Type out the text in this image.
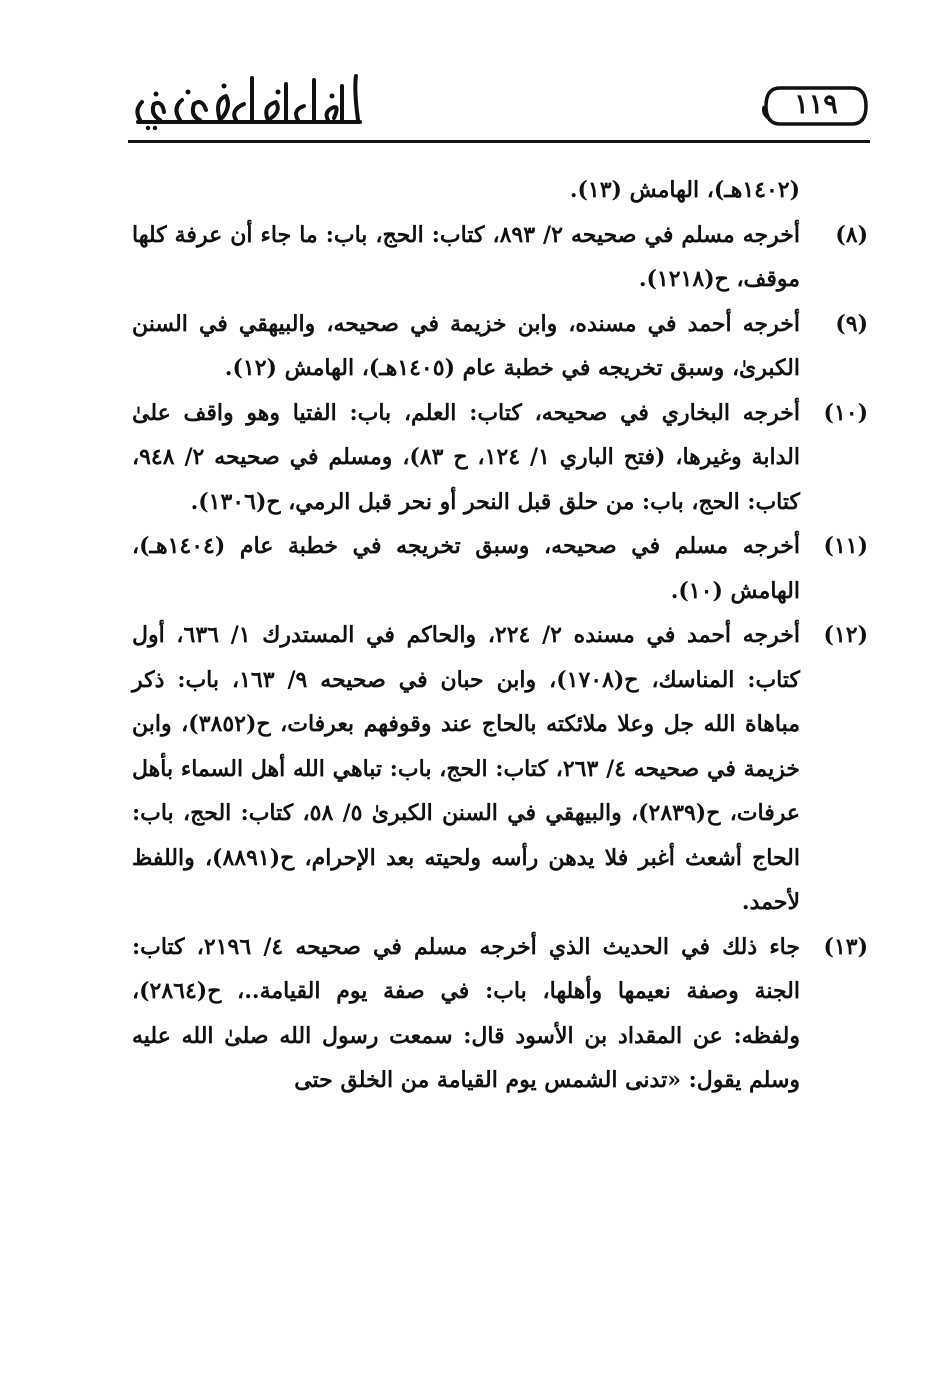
١١٩
(١٤٠٢هـ)، الهامش (١٣).
(٨)
أخرجه مسلم في صحيحه ٢/ ٨٩٣، كتاب: الحج، باب: ما جاء أن عرفة كلها موقف، ح(١٢١٨).
(٩)
أخرجه أحمد في مسنده، وابن خزيمة في صحيحه، والبيهقي في السنن الكبرىٰ، وسبق تخريجه في خطبة عام (١٤٠٥هـ)، الهامش (١٢).
(١٠)
أخرجه البخاري في صحيحه، كتاب: العلم، باب: الفتيا وهو واقف علىٰ الدابة وغيرها، (فتح الباري ١/ ١٢٤، ح ٨٣)، ومسلم في صحيحه ٢/ ٩٤٨، كتاب: الحج، باب: من حلق قبل النحر أو نحر قبل الرمي، ح(١٣٠٦).
(١١)
أخرجه مسلم في صحيحه، وسبق تخريجه في خطبة عام (١٤٠٤هـ)، الهامش (١٠).
(١٢)
أخرجه أحمد في مسنده ٢/ ٢٢٤، والحاكم في المستدرك ١/ ٦٣٦، أول كتاب: المناسك، ح(١٧٠٨)، وابن حبان في صحيحه ٩/ ١٦٣، باب: ذكر مباهاة الله جل وعلا ملائكته بالحاج عند وقوفهم بعرفات، ح(٣٨٥٢)، وابن خزيمة في صحيحه ٤/ ٢٦٣، كتاب: الحج، باب: تباهي الله أهل السماء بأهل عرفات، ح(٢٨٣٩)، والبيهقي في السنن الكبرىٰ ٥/ ٥٨، كتاب: الحج، باب: الحاج أشعث أغبر فلا يدهن رأسه ولحيته بعد الإحرام، ح(٨٨٩١)، واللفظ لأحمد.
(١٣)
جاء ذلك في الحديث الذي أخرجه مسلم في صحيحه ٤/ ٢١٩٦، كتاب: الجنة وصفة نعيمها وأهلها، باب: في صفة يوم القيامة..، ح(٢٨٦٤)، ولفظه: عن المقداد بن الأسود قال: سمعت رسول الله صلىٰ الله عليه وسلم يقول: «تدنى الشمس يوم القيامة من الخلق حتى
